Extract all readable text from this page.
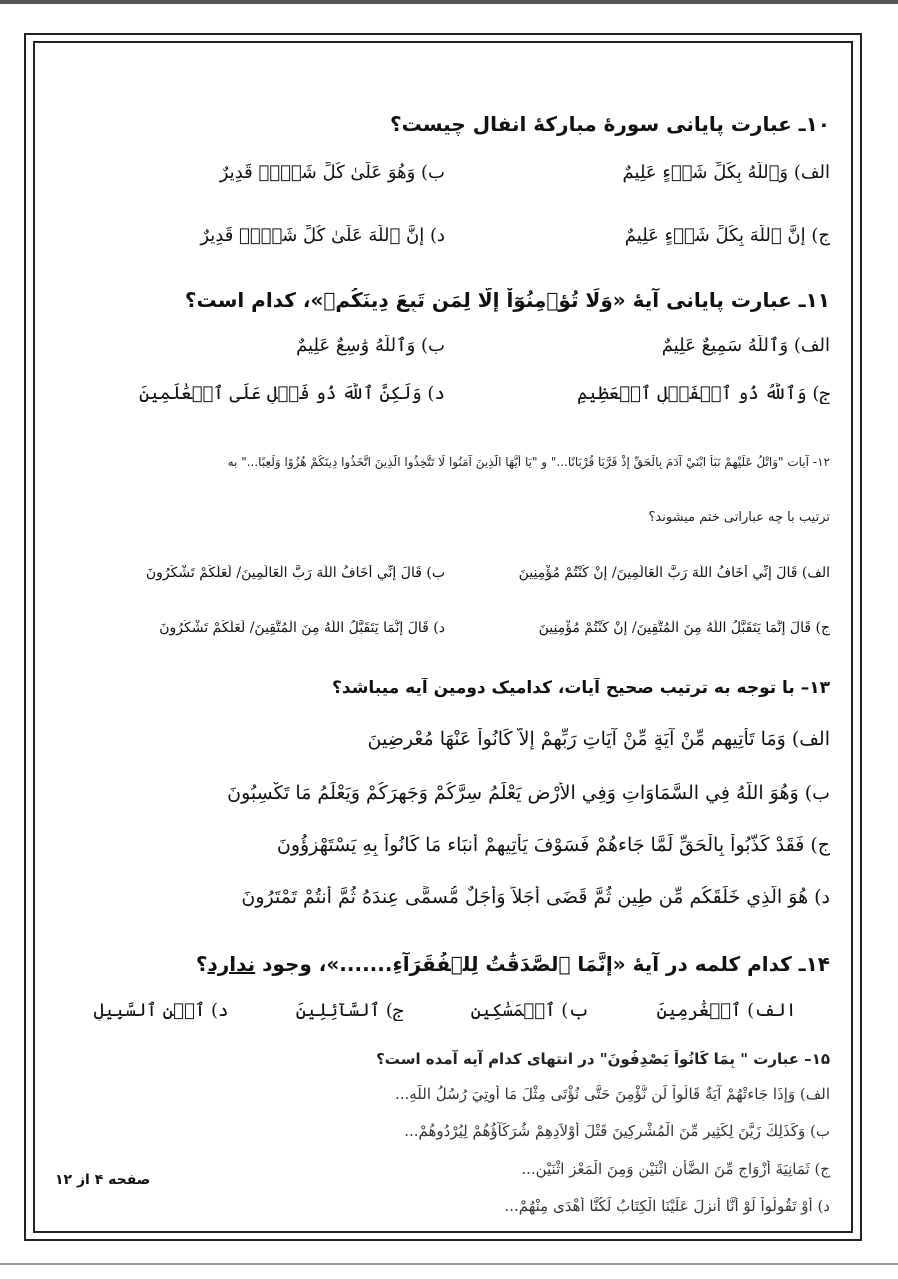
۱۰ـ عبارت پایانی سورهٔ مبارکهٔ انفال چیست؟
الف) وَٱللَّهُ بِكُلِّ شَيۡءٍ عَلِيمٌ
ب) وَهُوَ عَلَىٰ كُلِّ شَيۡءٖ قَدِيرٌ
ج) إِنَّ ٱللَّهَ بِكُلِّ شَيۡءٍ عَلِيمٌ
د) إِنَّ ٱللَّهَ عَلَىٰ كُلِّ شَيۡءٖ قَدِيرٌ
۱۱ـ عبارت پایانی آیهٔ «وَلَا تُؤۡمِنُوٓاْ إِلَّا لِمَن تَبِعَ دِينَكُمۡ»، کدام است؟
الف) وَٱللَّهُ سَمِيعٌ عَلِيمٌ
ب) وَٱللَّهُ وَٰسِعٌ عَلِيمٌ
ج) وَٱللَّهُ ذُو ٱلۡفَضۡلِ ٱلۡعَظِيمِ
د) وَلَٰكِنَّ ٱللَّهَ ذُو فَضۡلٍ عَلَى ٱلۡعَٰلَمِينَ
۱۲- آیات "وَاتْلُ عَلَيْهِمْ نَبَأَ ابْنَيْ آدَمَ بِالْحَقِّ إِذْ قَرَّبَا قُرْبَانًا..." و "يَا أَيُّهَا الَّذِينَ آمَنُوا لَا تَتَّخِذُوا الَّذِينَ اتَّخَذُوا دِينَكُمْ هُزُوًا وَلَعِبًا..." به
ترتیب با چه عباراتی ختم میشوند؟
الف) قَالَ إِنِّي أَخَافُ اللَّهَ رَبَّ الْعَالَمِينَ/ إِنْ كُنْتُمْ مُؤْمِنِينَ
ب) قَالَ إِنِّي أَخَافُ اللَّهَ رَبَّ الْعَالَمِينَ/ لَعَلَّكُمْ تَشْكُرُونَ
ج) قَالَ إِنَّمَا يَتَقَبَّلُ اللَّهُ مِنَ الْمُتَّقِينَ/ إِنْ كُنْتُمْ مُؤْمِنِينَ
د) قَالَ إِنَّمَا يَتَقَبَّلُ اللَّهُ مِنَ الْمُتَّقِينَ/ لَعَلَّكُمْ تَشْكُرُونَ
۱۳– با توجه به ترتیب صحیح آیات، کدامیک دومین آیه میباشد؟
الف) وَمَا تَأْتِيهِم مِّنْ آيَةٍ مِّنْ آيَاتِ رَبِّهِمْ إِلاَّ كَانُواْ عَنْهَا مُعْرِضِينَ
ب) وَهُوَ اللّهُ فِي السَّمَاوَاتِ وَفِي الأَرْضِ يَعْلَمُ سِرَّكُمْ وَجَهرَكُمْ وَيَعْلَمُ مَا تَكْسِبُونَ
ج) فَقَدْ كَذَّبُواْ بِالْحَقِّ لَمَّا جَاءهُمْ فَسَوْفَ يَأْتِيهِمْ أَنبَاء مَا كَانُواْ بِهِ يَسْتَهْزِؤُونَ
د) هُوَ الَّذِي خَلَقَكُم مِّن طِينٍ ثُمَّ قَضَى أَجَلاً وَأَجَلٌ مُّسمًّى عِندَهُ ثُمَّ أَنتُمْ تَمْتَرُونَ
۱۴ـ کدام کلمه در آیهٔ «إِنَّمَا ٱلصَّدَقَٰتُ لِلۡفُقَرَآءِ.......»، وجود ندارد؟
الف) ٱلۡغَٰرِمِينَ
ب) ٱلۡمَسَٰكِينِ
ج) ٱلسَّآئِلِينَ
د) ٱبۡنِ ٱلسَّبِيلِ
۱۵– عبارت " بِمَا كَانُواْ يَصْدِفُونَ" در انتهای کدام آیه آمده است؟
الف) وَإِذَا جَاءتْهُمْ آيَةٌ قَالُواْ لَن نُّؤْمِنَ حَتَّى نُؤْتَى مِثْلَ مَا أُوتِيَ رُسُلُ اللّهِ...
ب) وَكَذَلِكَ زَيَّنَ لِكَثِيرٍ مِّنَ الْمُشْرِكِينَ قَتْلَ أَوْلاَدِهِمْ شُرَكَآؤُهُمْ لِيُرْدُوهُمْ...
ج) ثَمَانِيَةَ أَزْوَاجٍ مِّنَ الضَّأْنِ اثْنَيْنِ وَمِنَ الْمَعْزِ اثْنَيْنِ...
د) أَوْ تَقُولُواْ لَوْ أَنَّا أُنزِلَ عَلَيْنَا الْكِتَابُ لَكُنَّا أَهْدَى مِنْهُمْ...
صفحه ۴ از ۱۲
